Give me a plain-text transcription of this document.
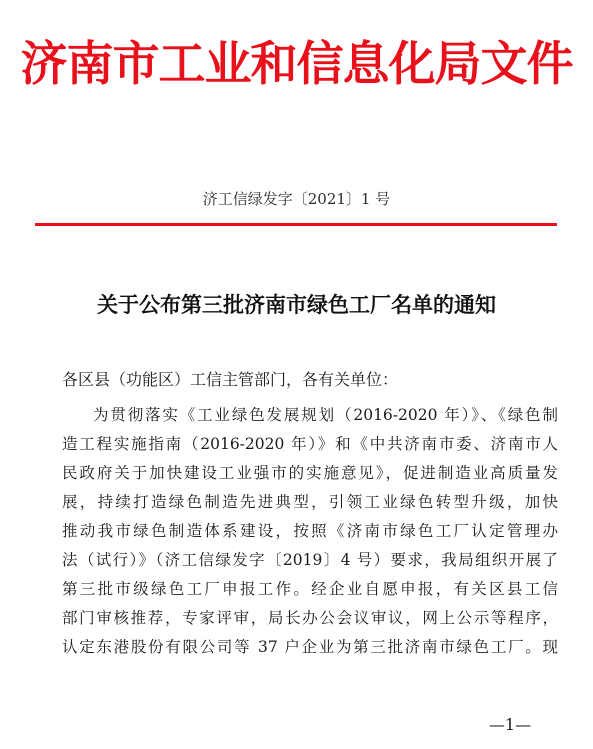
济南市工业和信息化局文件
济工信绿发字〔2021〕1 号
关于公布第三批济南市绿色工厂名单的通知
各区县（功能区）工信主管部门，各有关单位：
为贯彻落实《工业绿色发展规划（2016-2020 年）》、《绿色制
造工程实施指南（2016-2020 年）》和《中共济南市委、济南市人
民政府关于加快建设工业强市的实施意见》，促进制造业高质量发
展，持续打造绿色制造先进典型，引领工业绿色转型升级，加快
推动我市绿色制造体系建设，按照《济南市绿色工厂认定管理办
法（试行）》（济工信绿发字〔2019〕4 号）要求，我局组织开展了
第三批市级绿色工厂申报工作。经企业自愿申报，有关区县工信
部门审核推荐，专家评审，局长办公会议审议，网上公示等程序，
认定东港股份有限公司等 37 户企业为第三批济南市绿色工厂。现
—1—
